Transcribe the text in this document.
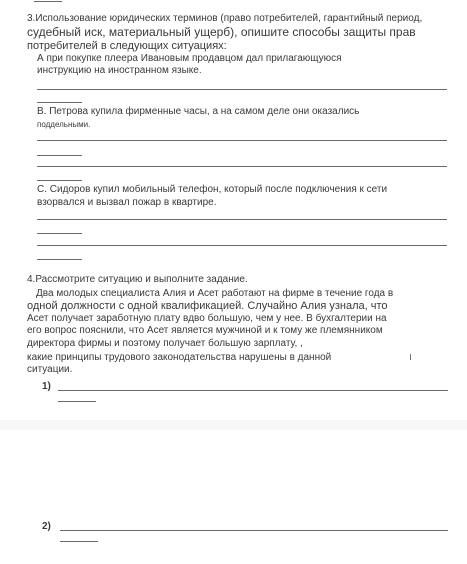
3.Использование юридических терминов (право потребителей, гарантийный период,
судебный иск, материальный ущерб), опишите способы защиты прав
потребителей в следующих ситуациях:
А при покупке плеера Ивановым продавцом дал прилагающуюся
инструкцию на иностранном языке.
В. Петрова купила фирменные часы, а на самом деле они оказались
поддельными.
С. Сидоров купил мобильный телефон, который после подключения к сети
взорвался и вызвал пожар в квартире.
4.Рассмотрите ситуацию и выполните задание.
Два молодых специалиста Алия и Асет работают на фирме в течение года в
одной должности с одной квалификацией. Случайно Алия узнала, что
Асет получает заработную плату вдво большую, чем у нее. В бухгалтерии на
его вопрос пояснили, что Асет является мужчиной и к тому же племянником
директора фирмы и поэтому получает большую зарплату, ,
какие принципы трудового законодательства нарушены в данной
ситуации.
1)
2)
